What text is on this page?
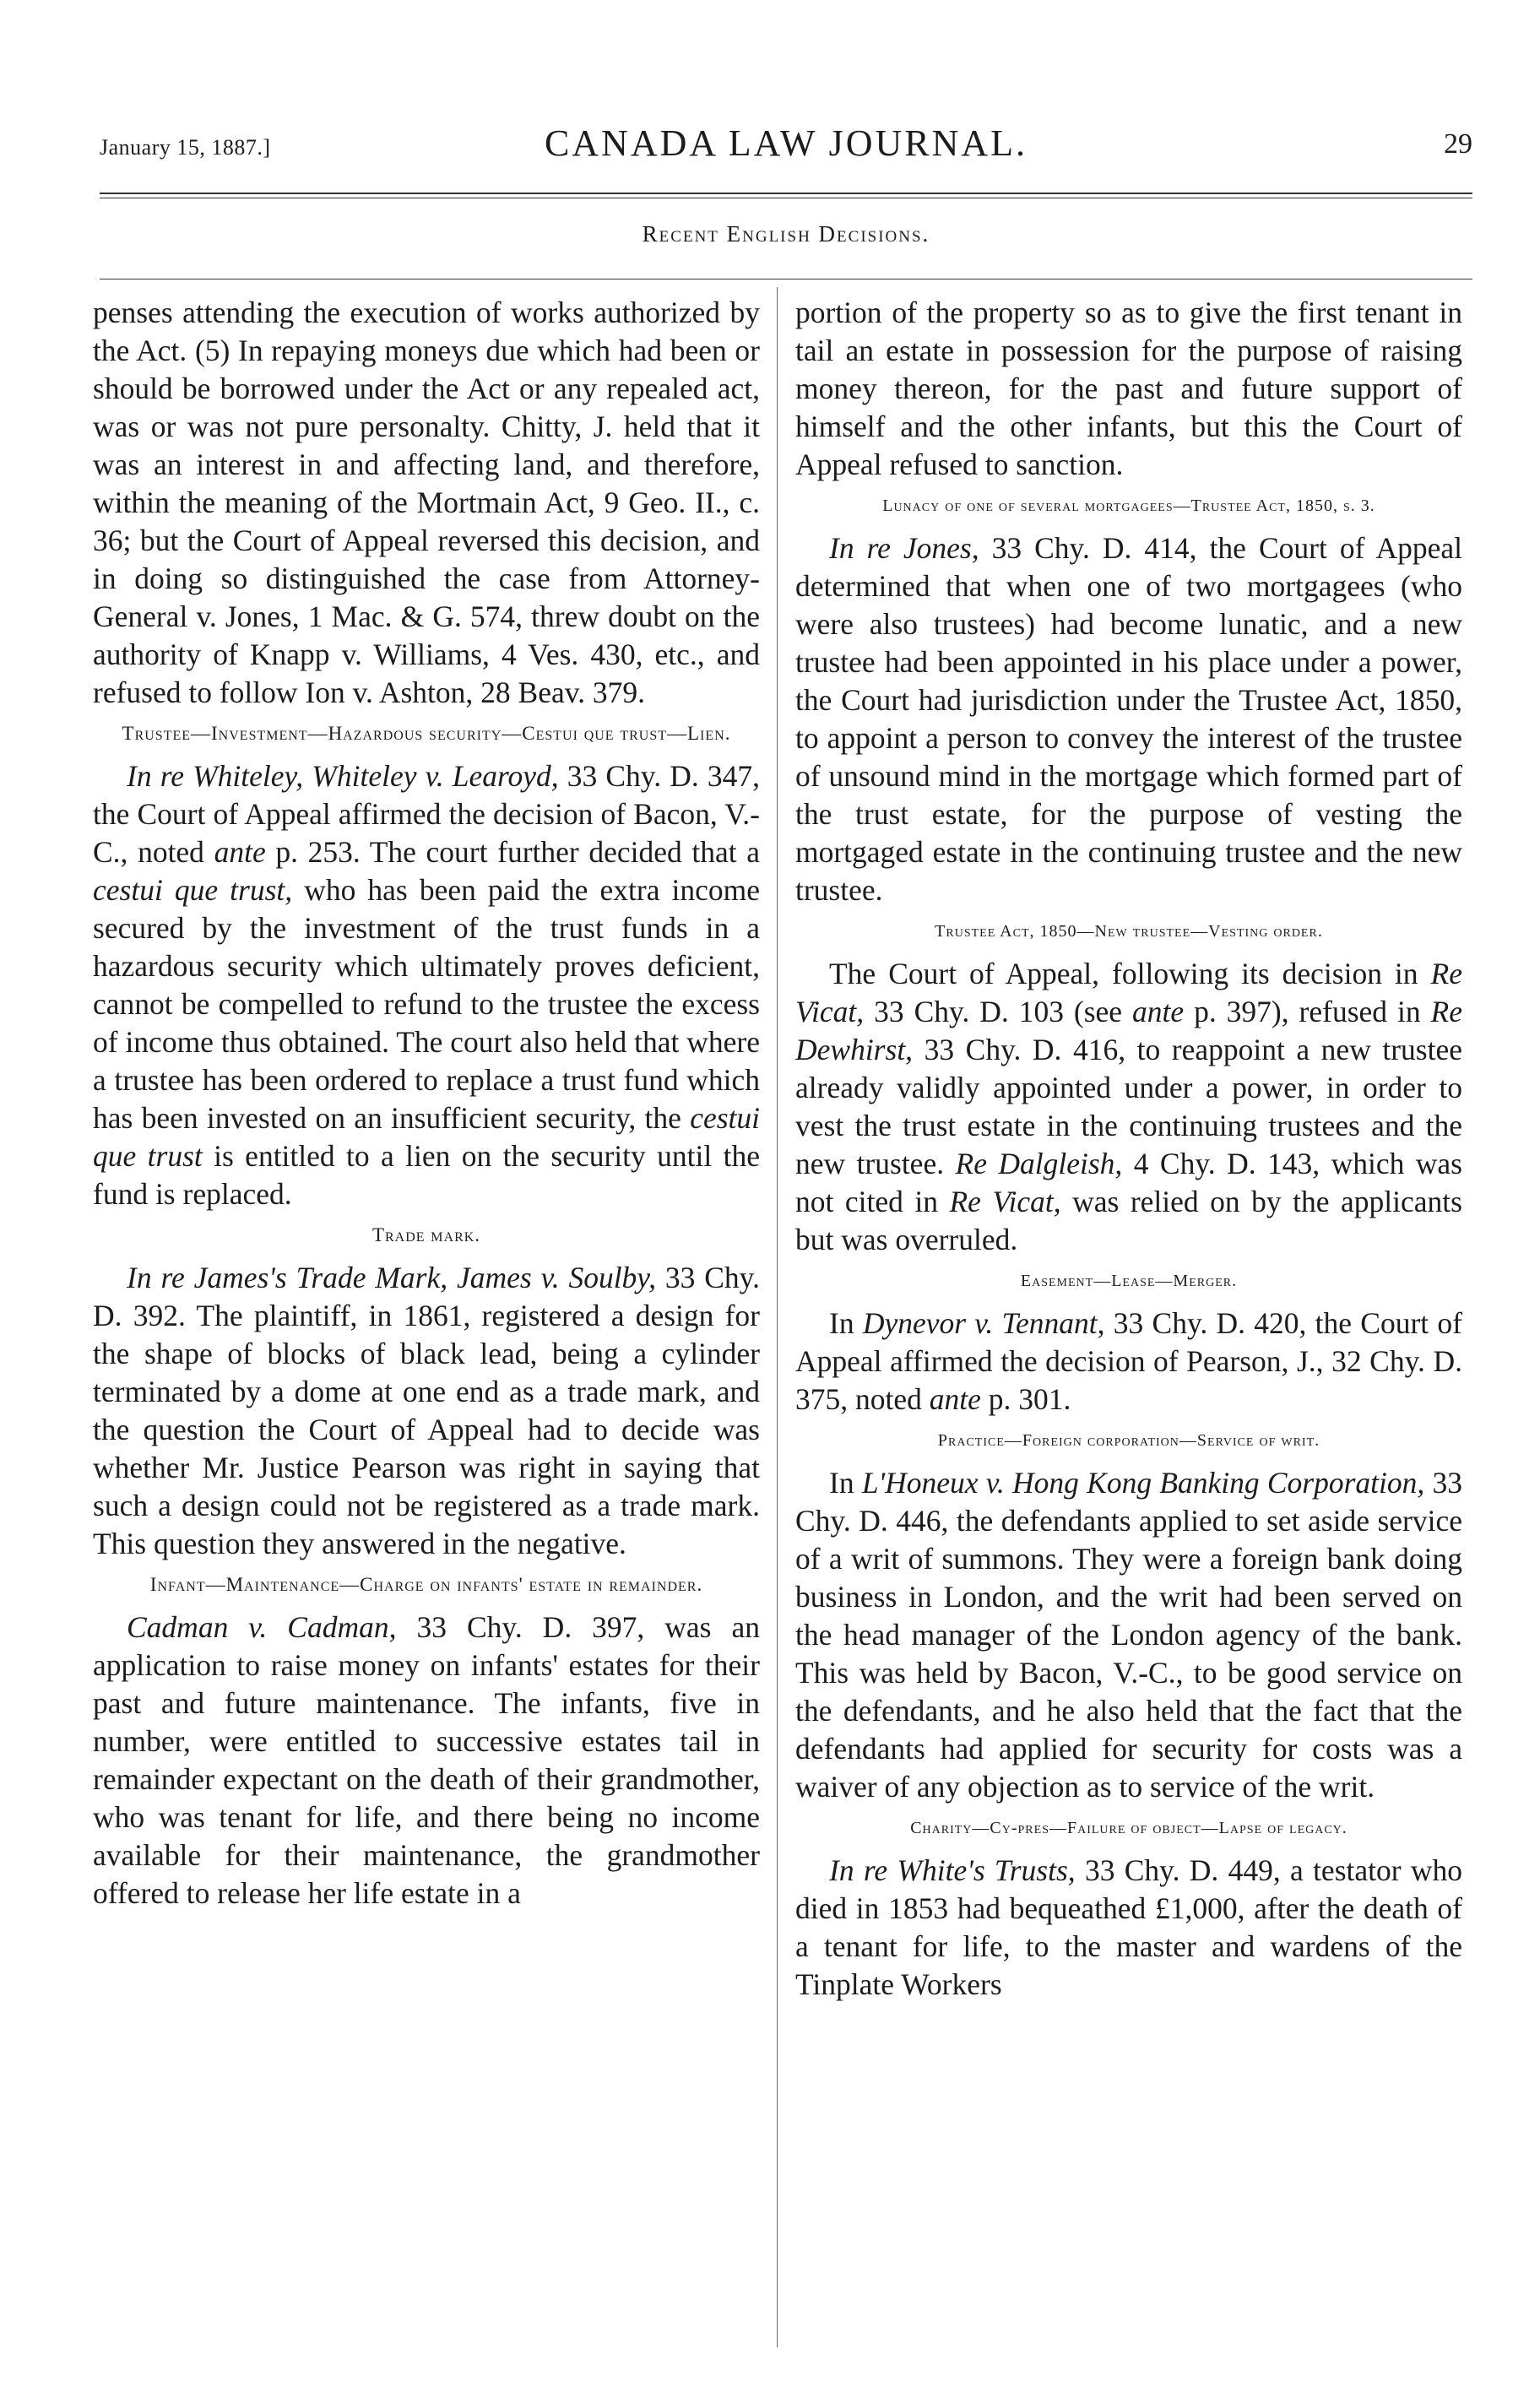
January 15, 1887.]	CANADA LAW JOURNAL.	29
Recent English Decisions.

penses attending the execution of works authorized by the Act. (5) In repaying moneys due which had been or should be borrowed under the Act or any repealed act, was or was not pure personalty. Chitty, J. held that it was an interest in and affecting land, and therefore, within the meaning of the Mortmain Act, 9 Geo. II., c. 36; but the Court of Appeal reversed this decision, and in doing so distinguished the case from Attorney-General v. Jones, 1 Mac. & G. 574, threw doubt on the authority of Knapp v. Williams, 4 Ves. 430, etc., and refused to follow Ion v. Ashton, 28 Beav. 379.

Trustee—Investment—Hazardous security—Cestui que trust—Lien.

In re Whiteley, Whiteley v. Learoyd, 33 Chy. D. 347, the Court of Appeal affirmed the decision of Bacon, V.-C., noted ante p. 253. The court further decided that a cestui que trust, who has been paid the extra income secured by the investment of the trust funds in a hazardous security which ultimately proves deficient, cannot be compelled to refund to the trustee the excess of income thus obtained. The court also held that where a trustee has been ordered to replace a trust fund which has been invested on an insufficient security, the cestui que trust is entitled to a lien on the security until the fund is replaced.

Trade mark.

In re James's Trade Mark, James v. Soulby, 33 Chy. D. 392. The plaintiff, in 1861, registered a design for the shape of blocks of black lead, being a cylinder terminated by a dome at one end as a trade mark, and the question the Court of Appeal had to decide was whether Mr. Justice Pearson was right in saying that such a design could not be registered as a trade mark. This question they answered in the negative.

Infant—Maintenance—Charge on infants' estate in remainder.

Cadman v. Cadman, 33 Chy. D. 397, was an application to raise money on infants' estates for their past and future maintenance. The infants, five in number, were entitled to successive estates tail in remainder expectant on the death of their grandmother, who was tenant for life, and there being no income available for their maintenance, the grandmother offered to release her life estate in a

portion of the property so as to give the first tenant in tail an estate in possession for the purpose of raising money thereon, for the past and future support of himself and the other infants, but this the Court of Appeal refused to sanction.

Lunacy of one of several mortgagees—Trustee Act, 1850, s. 3.

In re Jones, 33 Chy. D. 414, the Court of Appeal determined that when one of two mortgagees (who were also trustees) had become lunatic, and a new trustee had been appointed in his place under a power, the Court had jurisdiction under the Trustee Act, 1850, to appoint a person to convey the interest of the trustee of unsound mind in the mortgage which formed part of the trust estate, for the purpose of vesting the mortgaged estate in the continuing trustee and the new trustee.

Trustee Act, 1850—New trustee—Vesting order.

The Court of Appeal, following its decision in Re Vicat, 33 Chy. D. 103 (see ante p. 397), refused in Re Dewhirst, 33 Chy. D. 416, to reappoint a new trustee already validly appointed under a power, in order to vest the trust estate in the continuing trustees and the new trustee. Re Dalgleish, 4 Chy. D. 143, which was not cited in Re Vicat, was relied on by the applicants but was overruled.

Easement—Lease—Merger.

In Dynevor v. Tennant, 33 Chy. D. 420, the Court of Appeal affirmed the decision of Pearson, J., 32 Chy. D. 375, noted ante p. 301.

Practice—Foreign corporation—Service of writ.

In L'Honeux v. Hong Kong Banking Corporation, 33 Chy. D. 446, the defendants applied to set aside service of a writ of summons. They were a foreign bank doing business in London, and the writ had been served on the head manager of the London agency of the bank. This was held by Bacon, V.-C., to be good service on the defendants, and he also held that the fact that the defendants had applied for security for costs was a waiver of any objection as to service of the writ.

Charity—Cy-pres—Failure of object—Lapse of legacy.

In re White's Trusts, 33 Chy. D. 449, a testator who died in 1853 had bequeathed £1,000, after the death of a tenant for life, to the master and wardens of the Tinplate Workers
